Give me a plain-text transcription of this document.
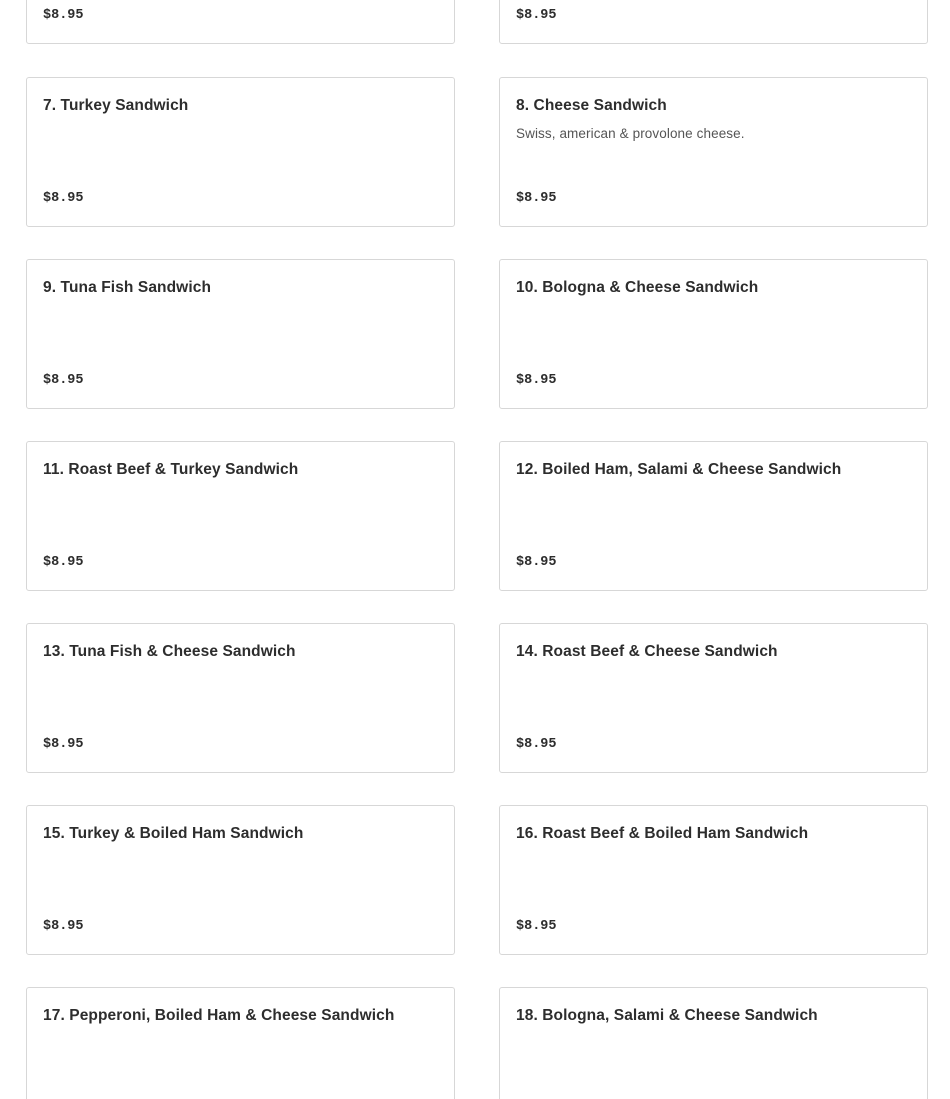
$8.95	$8.95
7. Turkey Sandwich
$8.95
8. Cheese Sandwich
Swiss, american & provolone cheese.
$8.95
9. Tuna Fish Sandwich
$8.95
10. Bologna & Cheese Sandwich
$8.95
11. Roast Beef & Turkey Sandwich
$8.95
12. Boiled Ham, Salami & Cheese Sandwich
$8.95
13. Tuna Fish & Cheese Sandwich
$8.95
14. Roast Beef & Cheese Sandwich
$8.95
15. Turkey & Boiled Ham Sandwich
$8.95
16. Roast Beef & Boiled Ham Sandwich
$8.95
17. Pepperoni, Boiled Ham & Cheese Sandwich	18. Bologna, Salami & Cheese Sandwich
